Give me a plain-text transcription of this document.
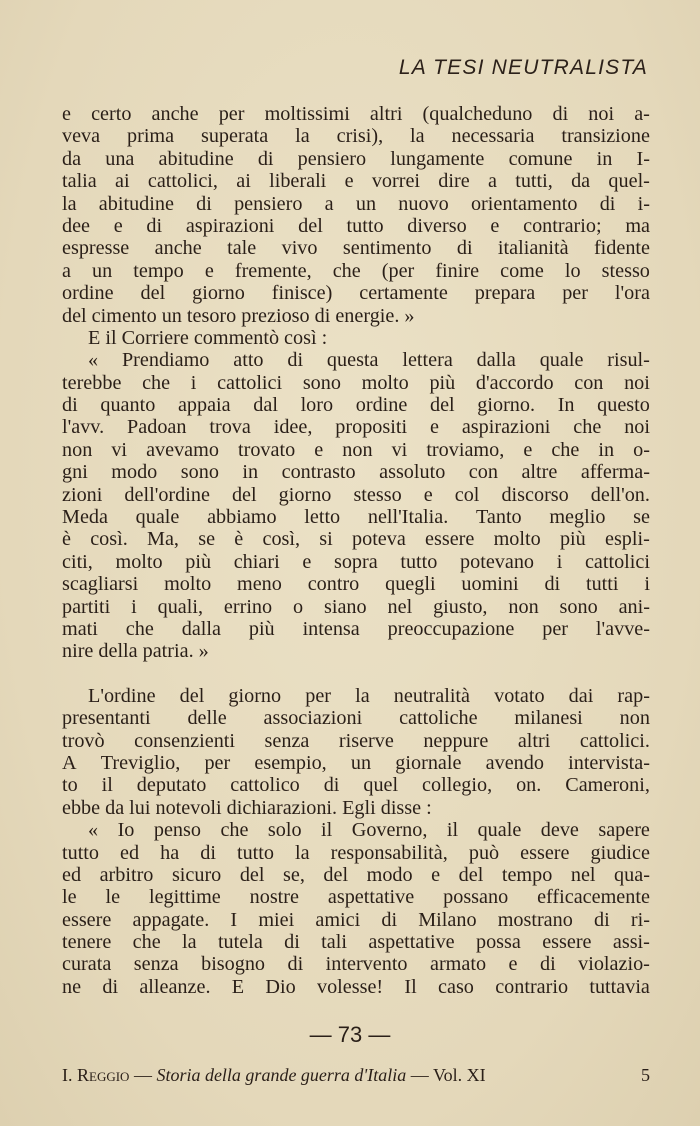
LA TESI NEUTRALISTA
e certo anche per moltissimi altri (qualcheduno di noi a-
veva prima superata la crisi), la necessaria transizione
da una abitudine di pensiero lungamente comune in I-
talia ai cattolici, ai liberali e vorrei dire a tutti, da quel-
la abitudine di pensiero a un nuovo orientamento di i-
dee e di aspirazioni del tutto diverso e contrario; ma
espresse anche tale vivo sentimento di italianità fidente
a un tempo e fremente, che (per finire come lo stesso
ordine del giorno finisce) certamente prepara per l'ora
del cimento un tesoro prezioso di energie. »
E il Corriere commentò così :
« Prendiamo atto di questa lettera dalla quale risul-
terebbe che i cattolici sono molto più d'accordo con noi
di quanto appaia dal loro ordine del giorno. In questo
l'avv. Padoan trova idee, propositi e aspirazioni che noi
non vi avevamo trovato e non vi troviamo, e che in o-
gni modo sono in contrasto assoluto con altre afferma-
zioni dell'ordine del giorno stesso e col discorso dell'on.
Meda quale abbiamo letto nell'Italia. Tanto meglio se
è così. Ma, se è così, si poteva essere molto più espli-
citi, molto più chiari e sopra tutto potevano i cattolici
scagliarsi molto meno contro quegli uomini di tutti i
partiti i quali, errino o siano nel giusto, non sono ani-
mati che dalla più intensa preoccupazione per l'avve-
nire della patria. »
L'ordine del giorno per la neutralità votato dai rap-
presentanti delle associazioni cattoliche milanesi non
trovò consenzienti senza riserve neppure altri cattolici.
A Treviglio, per esempio, un giornale avendo intervista-
to il deputato cattolico di quel collegio, on. Cameroni,
ebbe da lui notevoli dichiarazioni. Egli disse :
« Io penso che solo il Governo, il quale deve sapere
tutto ed ha di tutto la responsabilità, può essere giudice
ed arbitro sicuro del se, del modo e del tempo nel qua-
le le legittime nostre aspettative possano efficacemente
essere appagate. I miei amici di Milano mostrano di ri-
tenere che la tutela di tali aspettative possa essere assi-
curata senza bisogno di intervento armato e di violazio-
ne di alleanze. E Dio volesse! Il caso contrario tuttavia
— 73 —
I. Reggio — Storia della grande guerra d'Italia — Vol. XI	5
